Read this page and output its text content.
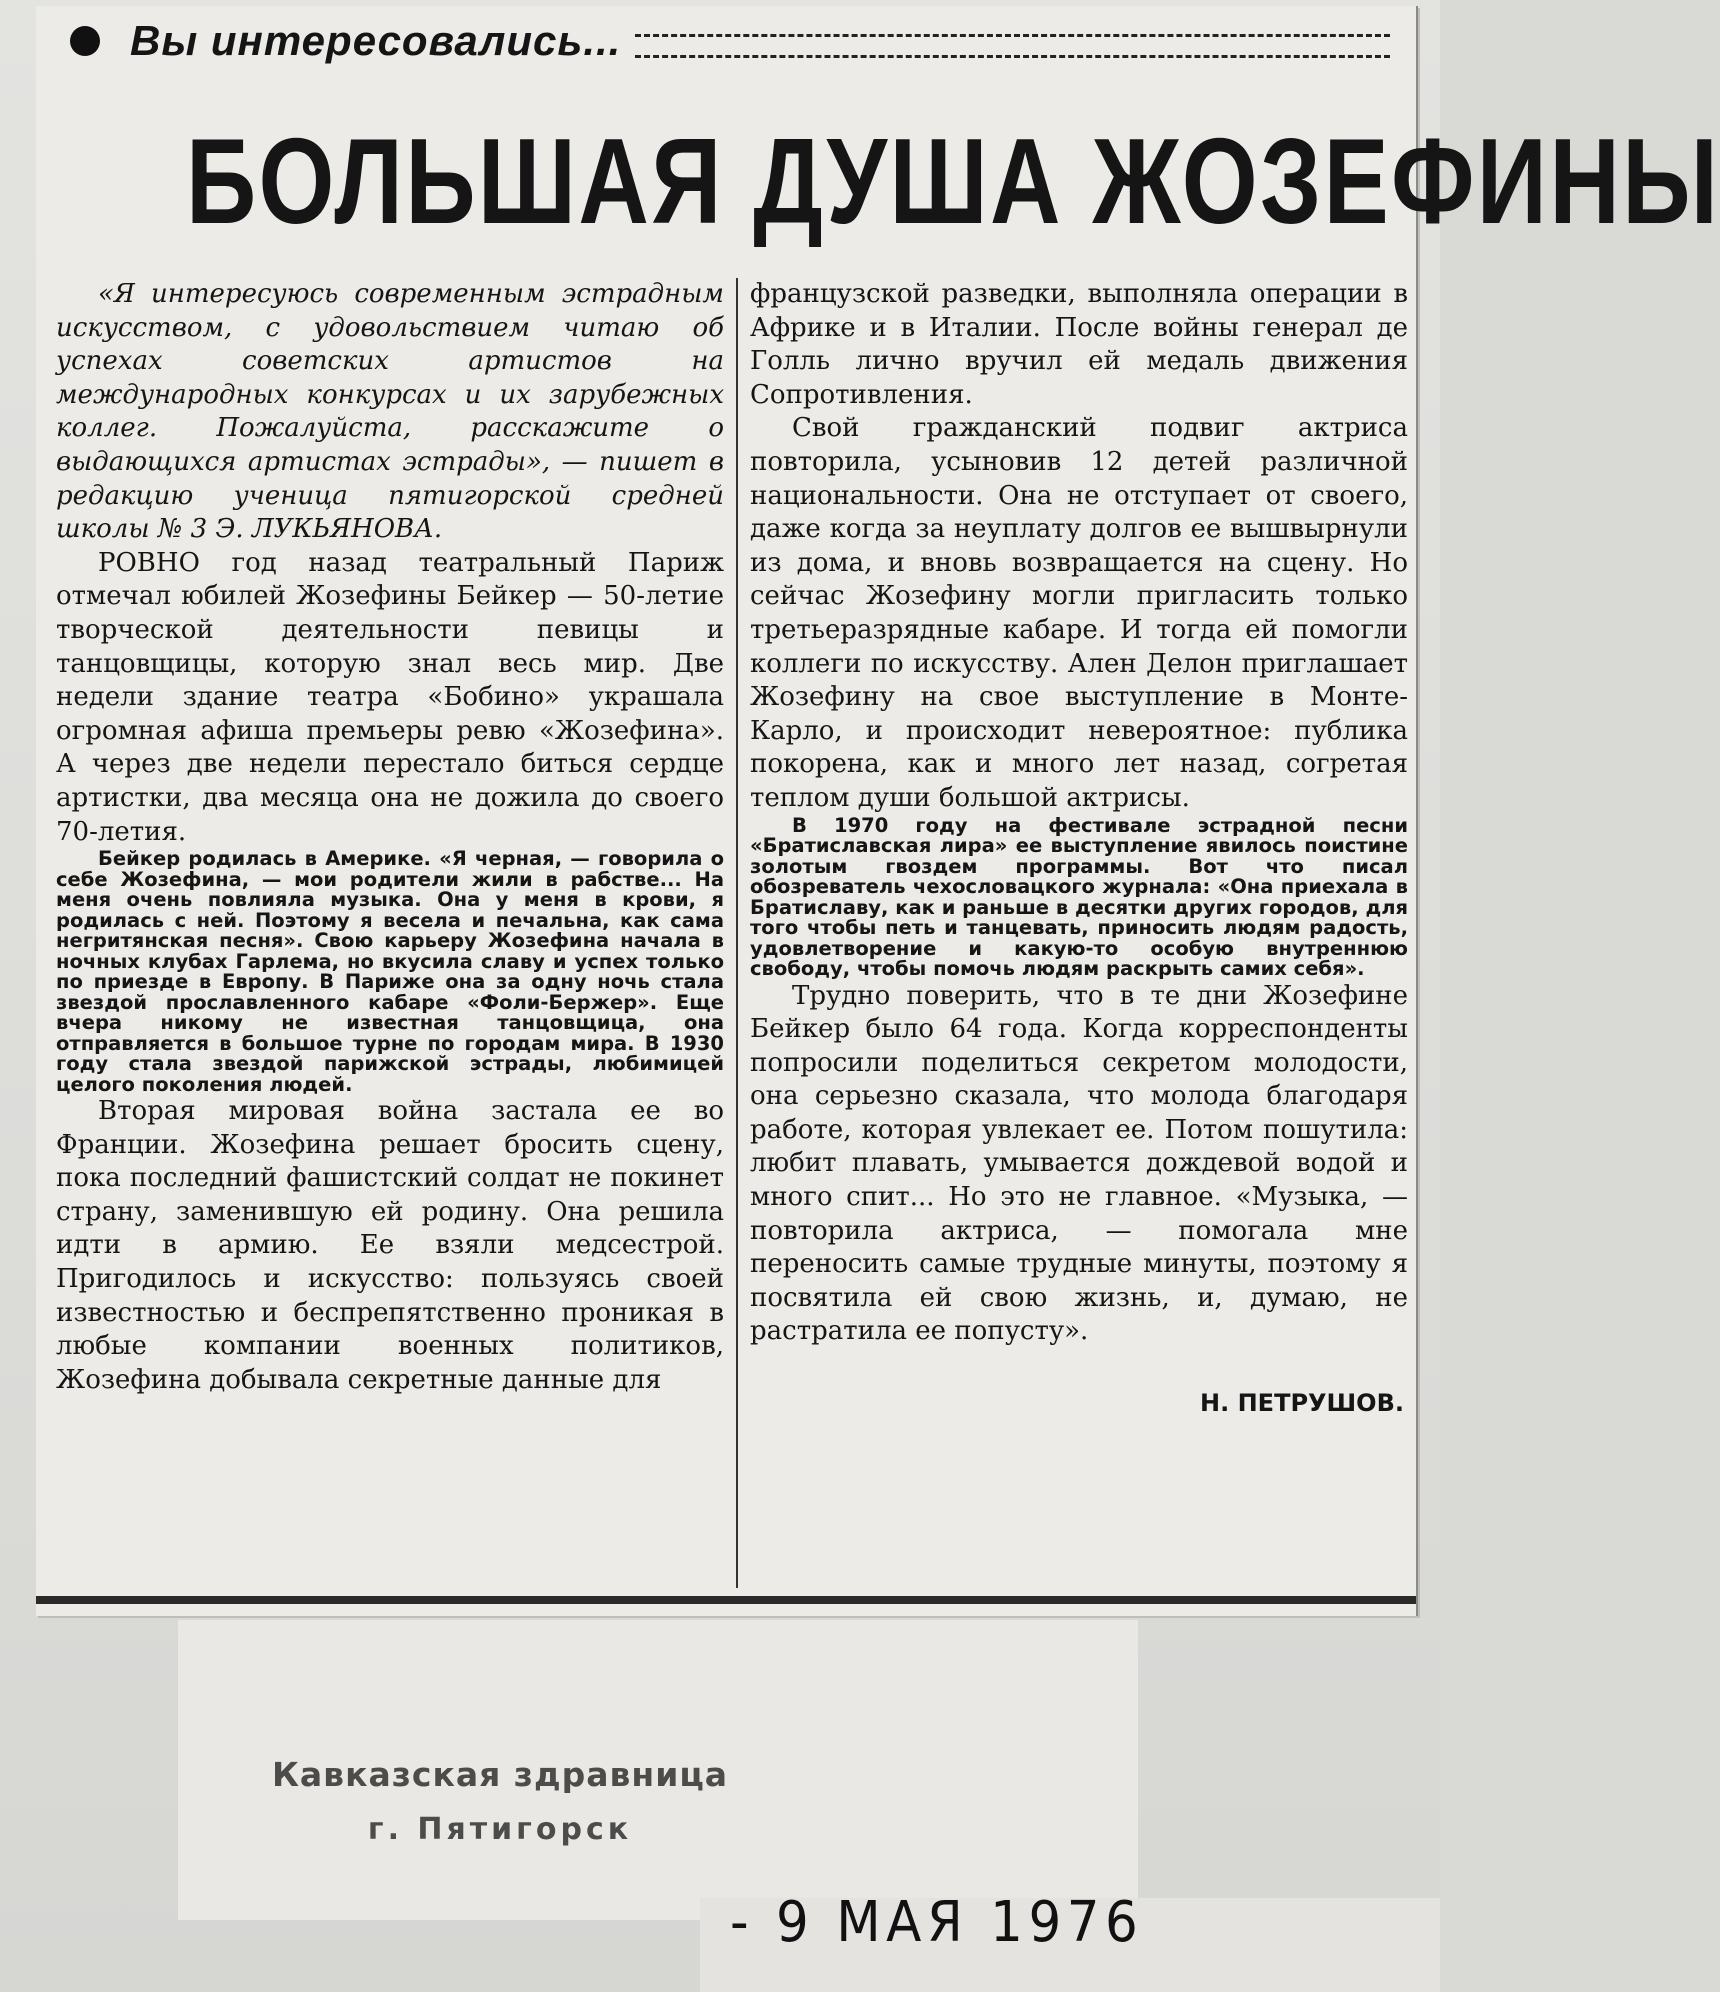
Вы интересовались...
БОЛЬШАЯ ДУША ЖОЗЕФИНЫ

«Я интересуюсь современным эстрадным искусством, с удовольствием читаю об успехах советских артистов на международных конкурсах и их зарубежных коллег. Пожалуйста, расскажите о выдающихся артистах эстрады», — пишет в редакцию ученица пятигорской средней школы № 3 Э. ЛУКЬЯНОВА.

РОВНО год назад театральный Париж отмечал юбилей Жозефины Бейкер — 50-летие творческой деятельности певицы и танцовщицы, которую знал весь мир. Две недели здание театра «Бобино» украшала огромная афиша премьеры ревю «Жозефина». А через две недели перестало биться сердце артистки, два месяца она не дожила до своего 70-летия.

Бейкер родилась в Америке. «Я черная, — говорила о себе Жозефина, — мои родители жили в рабстве... На меня очень повлияла музыка. Она у меня в крови, я родилась с ней. Поэтому я весела и печальна, как сама негритянская песня». Свою карьеру Жозефина начала в ночных клубах Гарлема, но вкусила славу и успех только по приезде в Европу. В Париже она за одну ночь стала звездой прославленного кабаре «Фоли-Бержер». Еще вчера никому не известная танцовщица, она отправляется в большое турне по городам мира. В 1930 году стала звездой парижской эстрады, любимицей целого поколения людей.

Вторая мировая война застала ее во Франции. Жозефина решает бросить сцену, пока последний фашистский солдат не покинет страну, заменившую ей родину. Она решила идти в армию. Ее взяли медсестрой. Пригодилось и искусство: пользуясь своей известностью и беспрепятственно проникая в любые компании военных политиков, Жозефина добывала секретные данные для

французской разведки, выполняла операции в Африке и в Италии. После войны генерал де Голль лично вручил ей медаль движения Сопротивления.

Свой гражданский подвиг актриса повторила, усыновив 12 детей различной национальности. Она не отступает от своего, даже когда за неуплату долгов ее вышвырнули из дома, и вновь возвращается на сцену. Но сейчас Жозефину могли пригласить только третьеразрядные кабаре. И тогда ей помогли коллеги по искусству. Ален Делон приглашает Жозефину на свое выступление в Монте-Карло, и происходит невероятное: публика покорена, как и много лет назад, согретая теплом души большой актрисы.

В 1970 году на фестивале эстрадной песни «Братиславская лира» ее выступление явилось поистине золотым гвоздем программы. Вот что писал обозреватель чехословацкого журнала: «Она приехала в Братиславу, как и раньше в десятки других городов, для того чтобы петь и танцевать, приносить людям радость, удовлетворение и какую-то особую внутреннюю свободу, чтобы помочь людям раскрыть самих себя».

Трудно поверить, что в те дни Жозефине Бейкер было 64 года. Когда корреспонденты попросили поделиться секретом молодости, она серьезно сказала, что молода благодаря работе, которая увлекает ее. Потом пошутила: любит плавать, умывается дождевой водой и много спит... Но это не главное. «Музыка, — повторила актриса, — помогала мне переносить самые трудные минуты, поэтому я посвятила ей свою жизнь, и, думаю, не растратила ее попусту».

Н. ПЕТРУШОВ.
Кавказская здравница
г. Пятигорск
- 9 МАЯ 1976
